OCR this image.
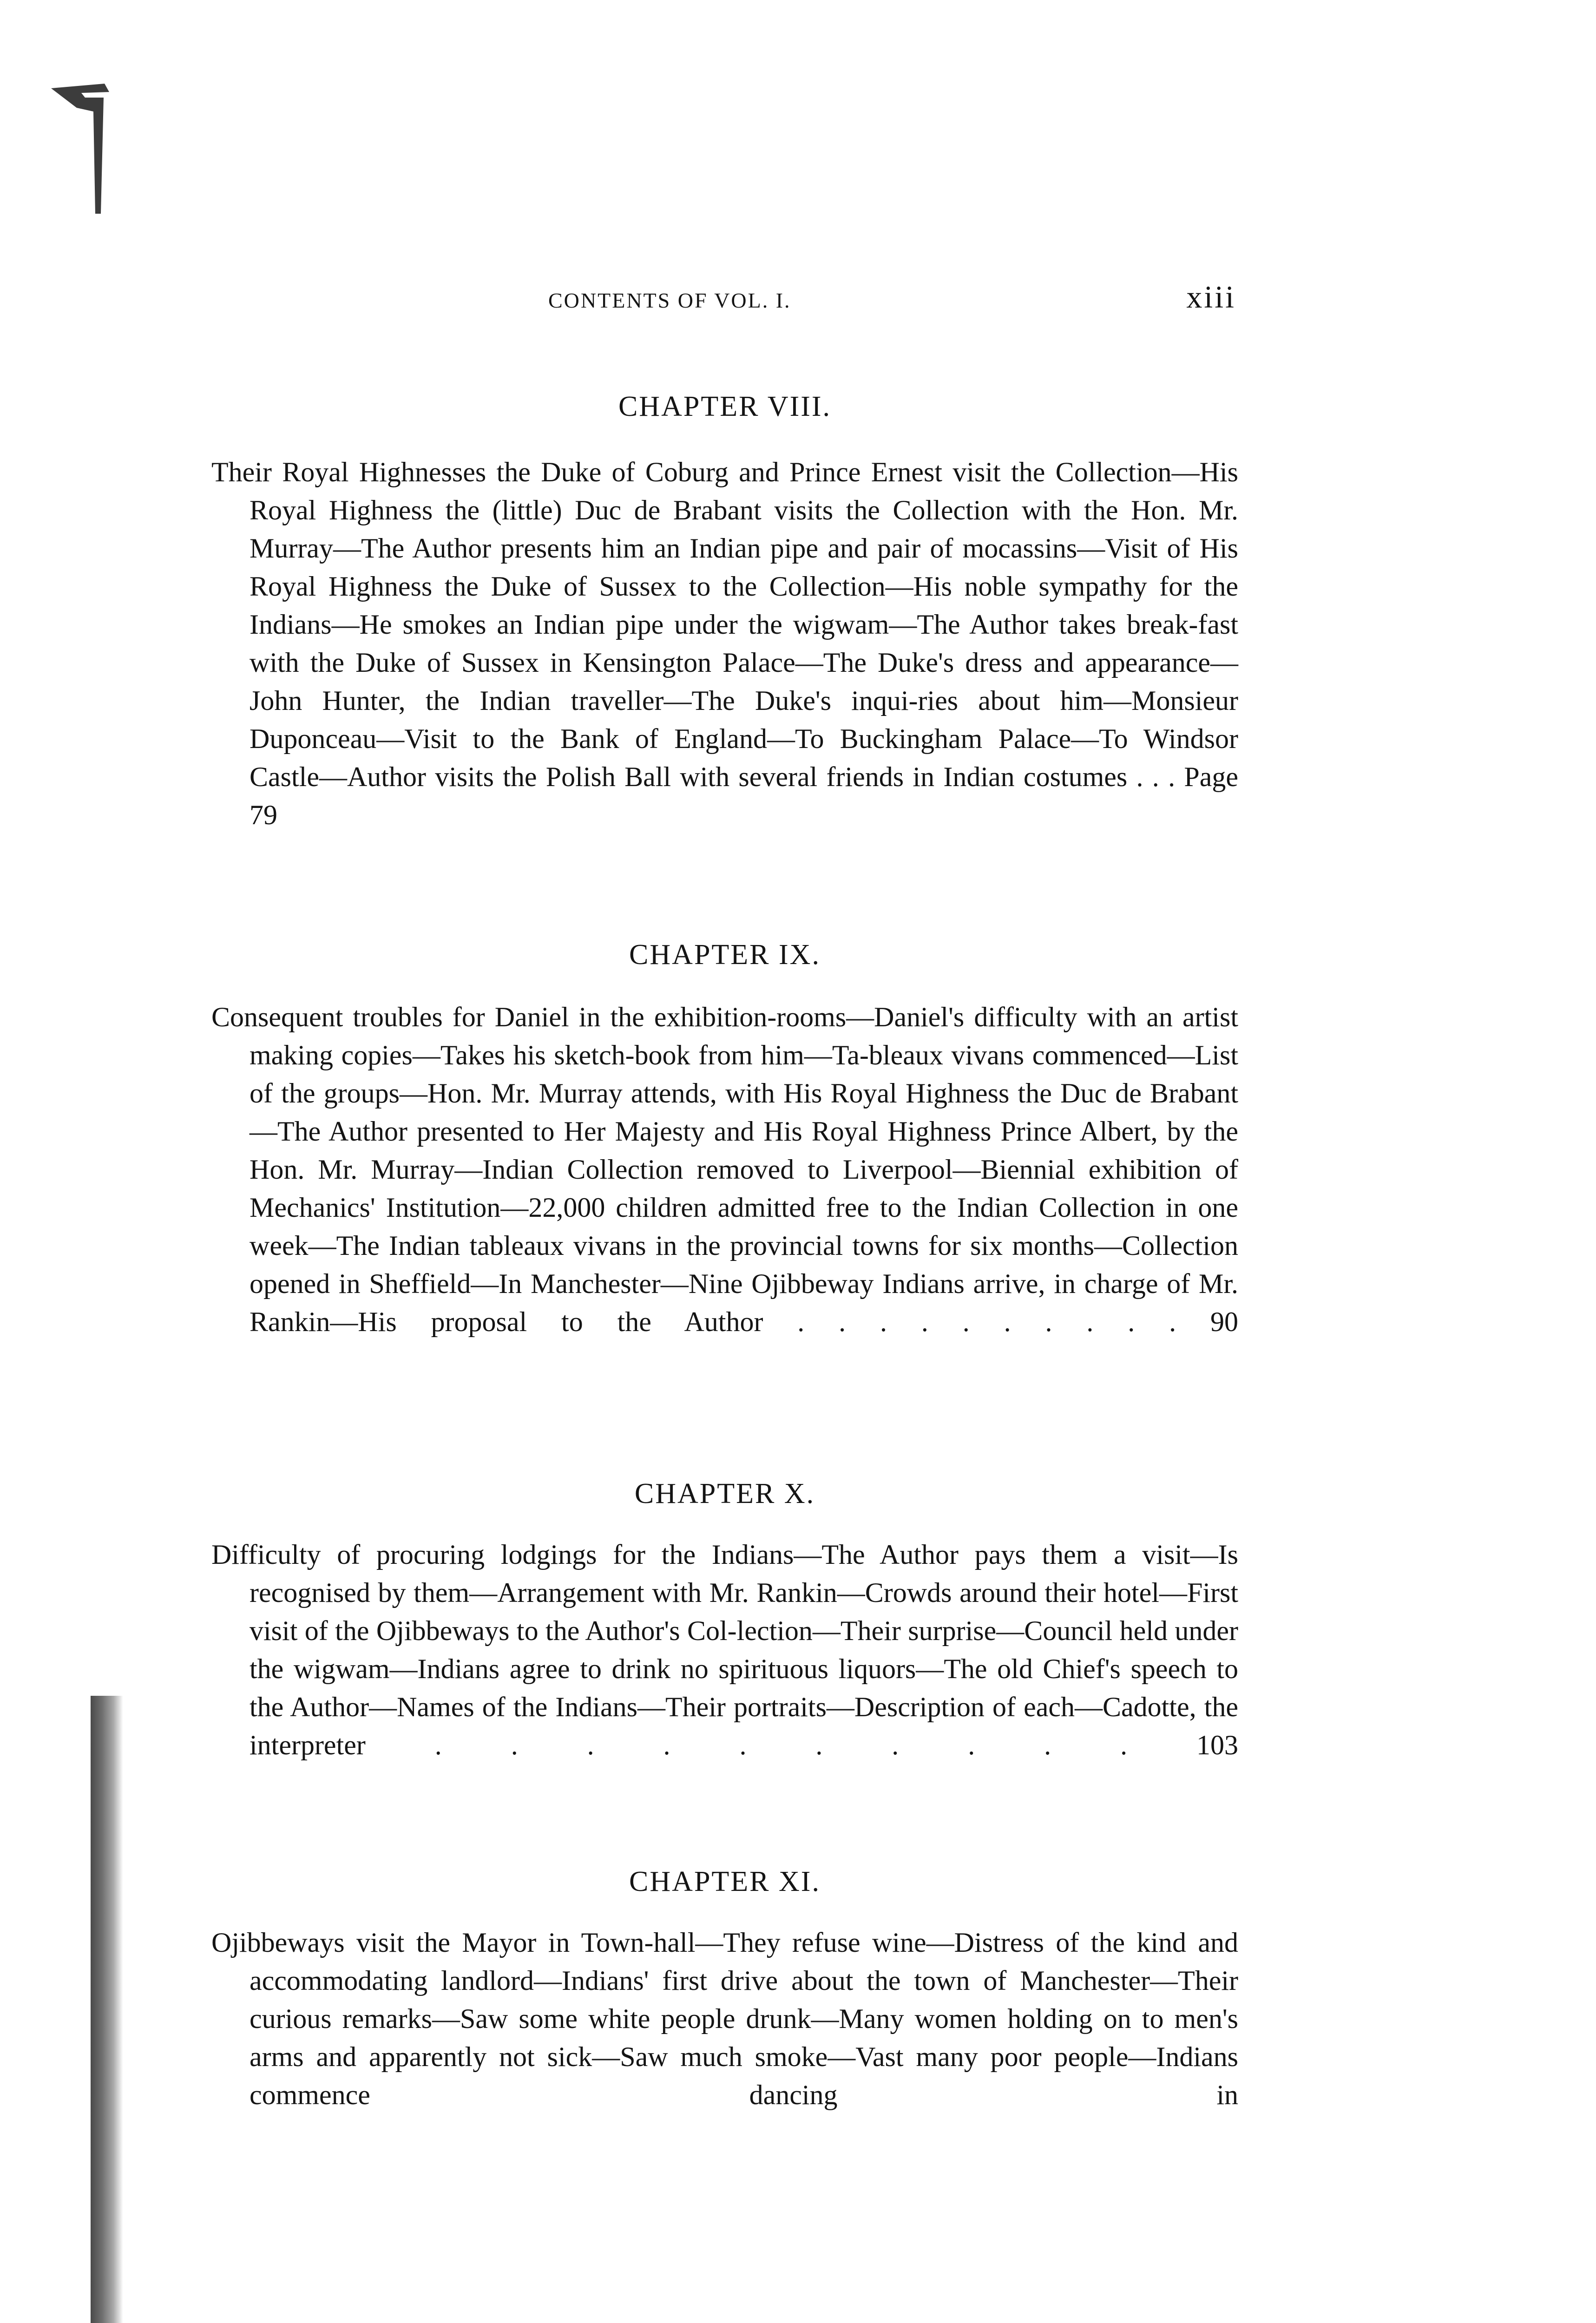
CONTENTS OF VOL. I.	xiii
CHAPTER VIII.

Their Royal Highnesses the Duke of Coburg and Prince Ernest visit the Collection—His Royal Highness the (little) Duc de Brabant visits the Collection with the Hon. Mr. Murray—The Author presents him an Indian pipe and pair of mocassins—Visit of His Royal Highness the Duke of Sussex to the Collection—His noble sympathy for the Indians—He smokes an Indian pipe under the wigwam—The Author takes break-fast with the Duke of Sussex in Kensington Palace—The Duke's dress and appearance—John Hunter, the Indian traveller—The Duke's inqui-ries about him—Monsieur Duponceau—Visit to the Bank of England—To Buckingham Palace—To Windsor Castle—Author visits the Polish Ball with several friends in Indian costumes . . . Page 79

CHAPTER IX.

Consequent troubles for Daniel in the exhibition-rooms—Daniel's difficulty with an artist making copies—Takes his sketch-book from him—Ta-bleaux vivans commenced—List of the groups—Hon. Mr. Murray attends, with His Royal Highness the Duc de Brabant—The Author presented to Her Majesty and His Royal Highness Prince Albert, by the Hon. Mr. Murray—Indian Collection removed to Liverpool—Biennial exhibition of Mechanics' Institution—22,000 children admitted free to the Indian Collection in one week—The Indian tableaux vivans in the provincial towns for six months—Collection opened in Sheffield—In Manchester—Nine Ojibbeway Indians arrive, in charge of Mr. Rankin—His proposal to the Author . . . . . . . . . . 90

CHAPTER X.

Difficulty of procuring lodgings for the Indians—The Author pays them a visit—Is recognised by them—Arrangement with Mr. Rankin—Crowds around their hotel—First visit of the Ojibbeways to the Author's Col-lection—Their surprise—Council held under the wigwam—Indians agree to drink no spirituous liquors—The old Chief's speech to the Author—Names of the Indians—Their portraits—Description of each—Cadotte, the interpreter . . . . . . . . . . 103

CHAPTER XI.

Ojibbeways visit the Mayor in Town-hall—They refuse wine—Distress of the kind and accommodating landlord—Indians' first drive about the town of Manchester—Their curious remarks—Saw some white people drunk—Many women holding on to men's arms and apparently not sick—Saw much smoke—Vast many poor people—Indians commence dancing in
